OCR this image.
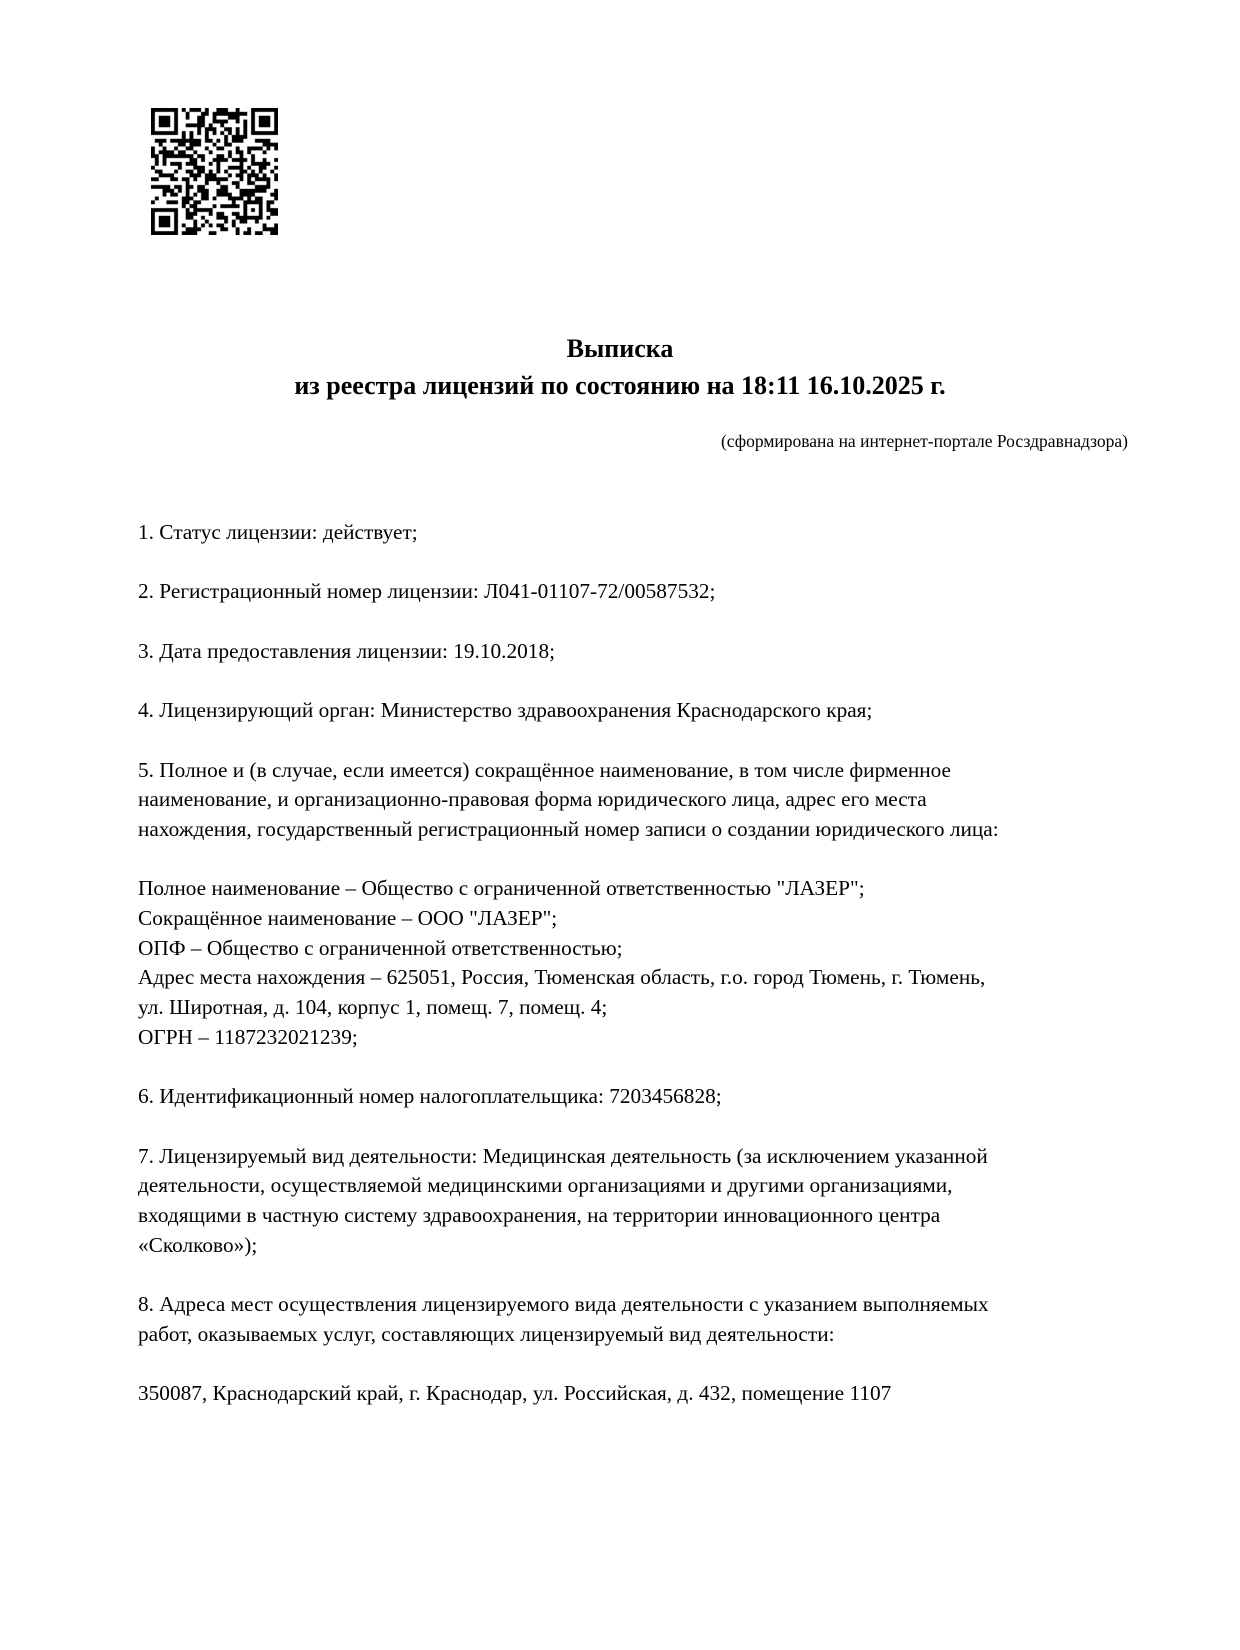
Выписка
из реестра лицензий по состоянию на 18:11 16.10.2025 г.
(сформирована на интернет-портале Росздравнадзора)
1. Статус лицензии: действует;
2. Регистрационный номер лицензии: Л041-01107-72/00587532;
3. Дата предоставления лицензии: 19.10.2018;
4. Лицензирующий орган: Министерство здравоохранения Краснодарского края;
5. Полное и (в случае, если имеется) сокращённое наименование, в том числе фирменное
наименование, и организационно-правовая форма юридического лица, адрес его места
нахождения, государственный регистрационный номер записи о создании юридического лица:
Полное наименование – Общество с ограниченной ответственностью "ЛАЗЕР";
Сокращённое наименование – ООО "ЛАЗЕР";
ОПФ – Общество с ограниченной ответственностью;
Адрес места нахождения – 625051, Россия, Тюменская область, г.о. город Тюмень, г. Тюмень,
ул. Широтная, д. 104, корпус 1, помещ. 7, помещ. 4;
ОГРН – 1187232021239;
6. Идентификационный номер налогоплательщика: 7203456828;
7. Лицензируемый вид деятельности: Медицинская деятельность (за исключением указанной
деятельности, осуществляемой медицинскими организациями и другими организациями,
входящими в частную систему здравоохранения, на территории инновационного центра
«Сколково»);
8. Адреса мест осуществления лицензируемого вида деятельности с указанием выполняемых
работ, оказываемых услуг, составляющих лицензируемый вид деятельности:
350087, Краснодарский край, г. Краснодар, ул. Российская, д. 432, помещение 1107
